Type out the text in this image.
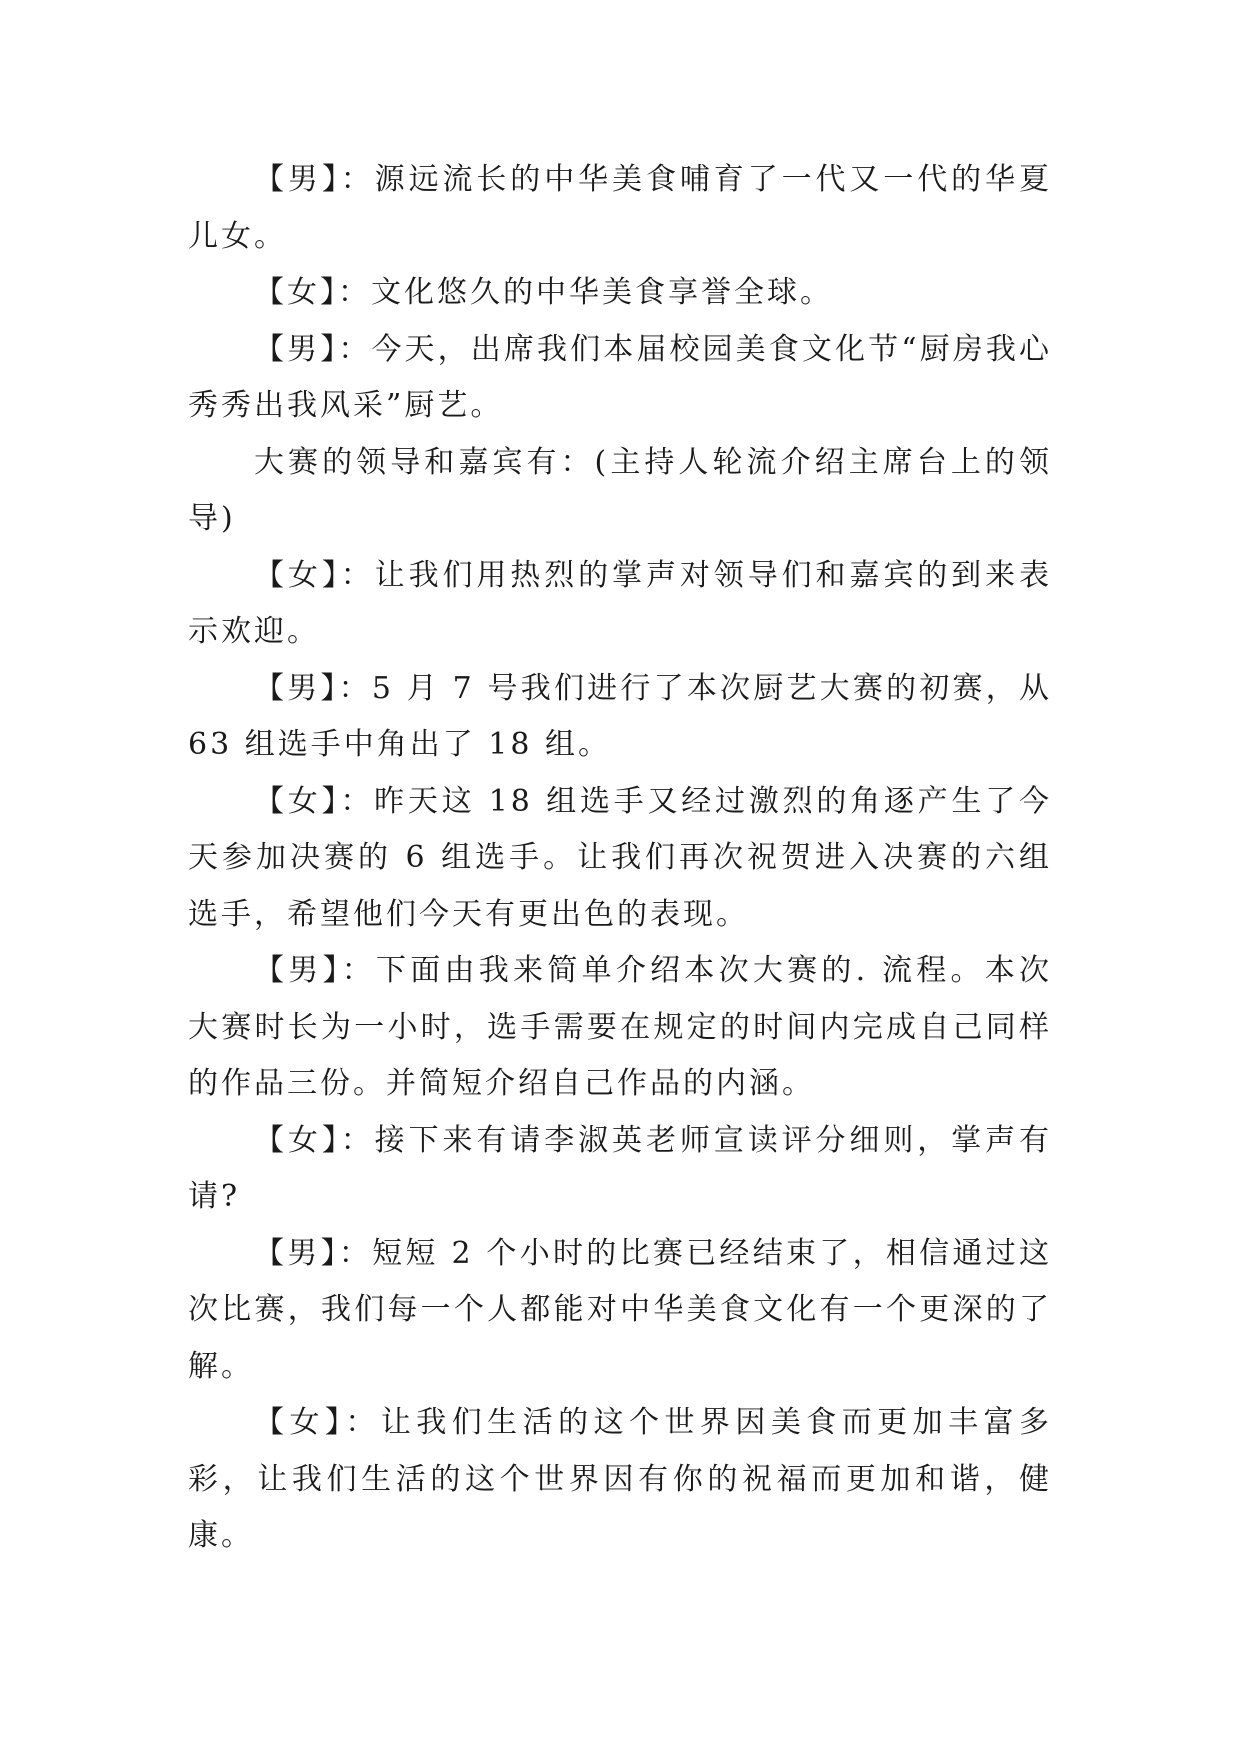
【男】：源远流长的中华美食哺育了一代又一代的华夏儿女。

【女】：文化悠久的中华美食享誉全球。

【男】：今天，出席我们本届校园美食文化节“厨房我心秀秀出我风采”厨艺。

大赛的领导和嘉宾有：(主持人轮流介绍主席台上的领导)

【女】：让我们用热烈的掌声对领导们和嘉宾的到来表示欢迎。

【男】：5 月 7 号我们进行了本次厨艺大赛的初赛，从 63 组选手中角出了 18 组。

【女】：昨天这 18 组选手又经过激烈的角逐产生了今天参加决赛的 6 组选手。让我们再次祝贺进入决赛的六组选手，希望他们今天有更出色的表现。

【男】：下面由我来简单介绍本次大赛的. 流程。本次大赛时长为一小时，选手需要在规定的时间内完成自己同样的作品三份。并简短介绍自己作品的内涵。

【女】：接下来有请李淑英老师宣读评分细则，掌声有请?

【男】：短短 2 个小时的比赛已经结束了，相信通过这次比赛，我们每一个人都能对中华美食文化有一个更深的了解。

【女】：让我们生活的这个世界因美食而更加丰富多彩，让我们生活的这个世界因有你的祝福而更加和谐，健康。
